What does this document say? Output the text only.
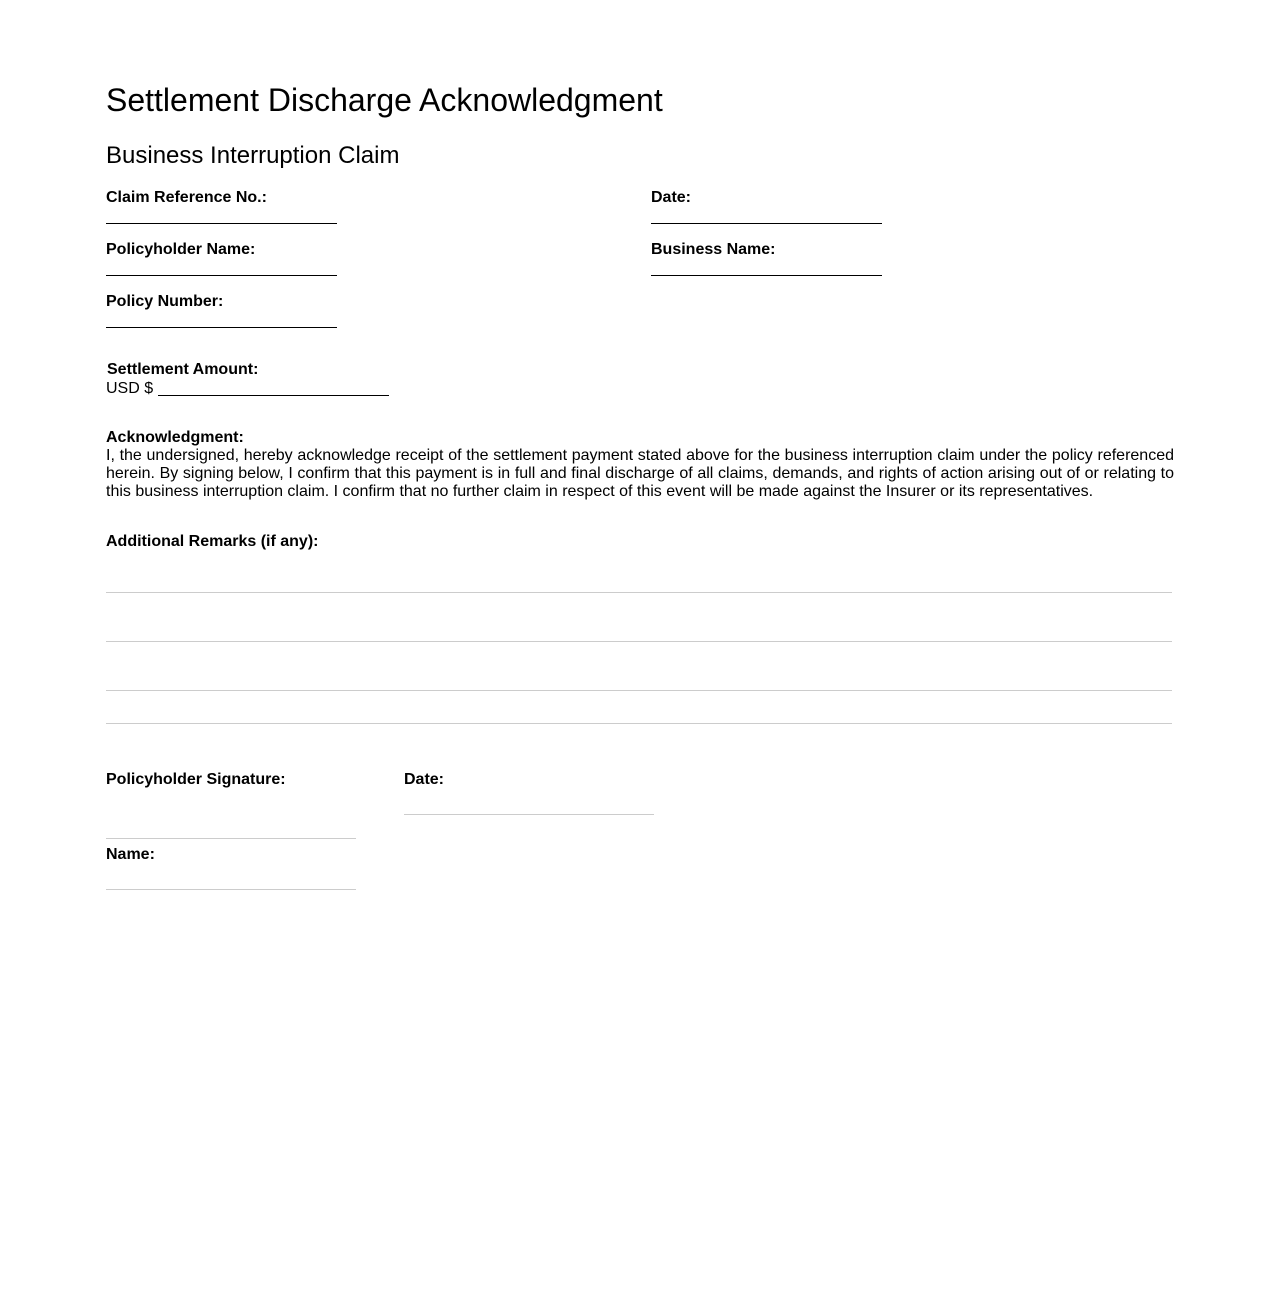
Settlement Discharge Acknowledgment
Business Interruption Claim
Claim Reference No.:	Date:
Policyholder Name:	Business Name:
Policy Number:
Settlement Amount:
USD $
Acknowledgment:
I, the undersigned, hereby acknowledge receipt of the settlement payment stated above for the business interruption claim under the policy referenced herein. By signing below, I confirm that this payment is in full and final discharge of all claims, demands, and rights of action arising out of or relating to this business interruption claim. I confirm that no further claim in respect of this event will be made against the Insurer or its representatives.
Additional Remarks (if any):
Policyholder Signature:	Date:
Name:
